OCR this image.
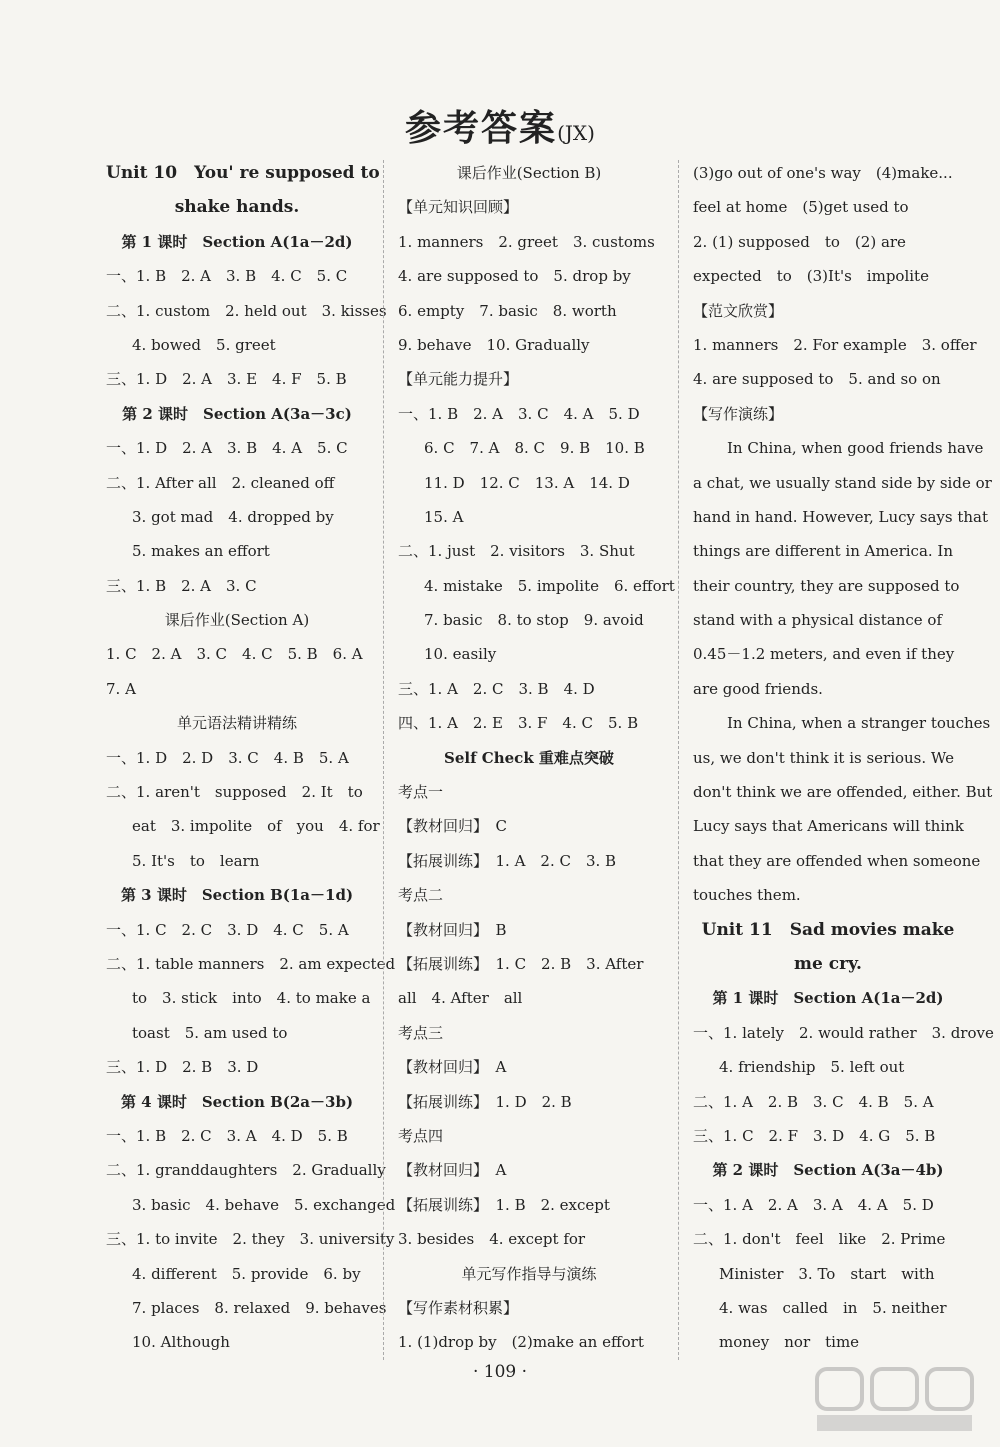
参考答案(JX)
Unit 10　You' re supposed to
shake hands.
第 1 课时　Section A(1a－2d)
一、1. B　2. A　3. B　4. C　5. C
二、1. custom　2. held out　3. kisses
4. bowed　5. greet
三、1. D　2. A　3. E　4. F　5. B
第 2 课时　Section A(3a－3c)
一、1. D　2. A　3. B　4. A　5. C
二、1. After all　2. cleaned off
3. got mad　4. dropped by
5. makes an effort
三、1. B　2. A　3. C
课后作业(Section A)
1. C　2. A　3. C　4. C　5. B　6. A
7. A
单元语法精讲精练
一、1. D　2. D　3. C　4. B　5. A
二、1. aren't　supposed　2. It　to
eat　3. impolite　of　you　4. for
5. It's　to　learn
第 3 课时　Section B(1a－1d)
一、1. C　2. C　3. D　4. C　5. A
二、1. table manners　2. am expected
to　3. stick　into　4. to make a
toast　5. am used to
三、1. D　2. B　3. D
第 4 课时　Section B(2a－3b)
一、1. B　2. C　3. A　4. D　5. B
二、1. granddaughters　2. Gradually
3. basic　4. behave　5. exchanged
三、1. to invite　2. they　3. university
4. different　5. provide　6. by
7. places　8. relaxed　9. behaves
10. Although
课后作业(Section B)
【单元知识回顾】
1. manners　2. greet　3. customs
4. are supposed to　5. drop by
6. empty　7. basic　8. worth
9. behave　10. Gradually
【单元能力提升】
一、1. B　2. A　3. C　4. A　5. D
6. C　7. A　8. C　9. B　10. B
11. D　12. C　13. A　14. D
15. A
二、1. just　2. visitors　3. Shut
4. mistake　5. impolite　6. effort
7. basic　8. to stop　9. avoid
10. easily
三、1. A　2. C　3. B　4. D
四、1. A　2. E　3. F　4. C　5. B
Self Check 重难点突破
考点一
【教材回归】　C
【拓展训练】　1. A　2. C　3. B
考点二
【教材回归】　B
【拓展训练】　1. C　2. B　3. After
all　4. After　all
考点三
【教材回归】　A
【拓展训练】　1. D　2. B
考点四
【教材回归】　A
【拓展训练】　1. B　2. except
3. besides　4. except for
单元写作指导与演练
【写作素材积累】
1. (1)drop by　(2)make an effort
(3)go out of one's way　(4)make...
feel at home　(5)get used to
2. (1) supposed　to　(2) are
expected　to　(3)It's　impolite
【范文欣赏】
1. manners　2. For example　3. offer
4. are supposed to　5. and so on
【写作演练】
In China, when good friends have
a chat, we usually stand side by side or
hand in hand. However, Lucy says that
things are different in America. In
their country, they are supposed to
stand with a physical distance of
0.45－1.2 meters, and even if they
are good friends.
In China, when a stranger touches
us, we don't think it is serious. We
don't think we are offended, either. But
Lucy says that Americans will think
that they are offended when someone
touches them.
Unit 11　Sad movies make
me cry.
第 1 课时　Section A(1a－2d)
一、1. lately　2. would rather　3. drove
4. friendship　5. left out
二、1. A　2. B　3. C　4. B　5. A
三、1. C　2. F　3. D　4. G　5. B
第 2 课时　Section A(3a－4b)
一、1. A　2. A　3. A　4. A　5. D
二、1. don't　feel　like　2. Prime
Minister　3. To　start　with
4. was　called　in　5. neither
money　nor　time
· 109 ·
